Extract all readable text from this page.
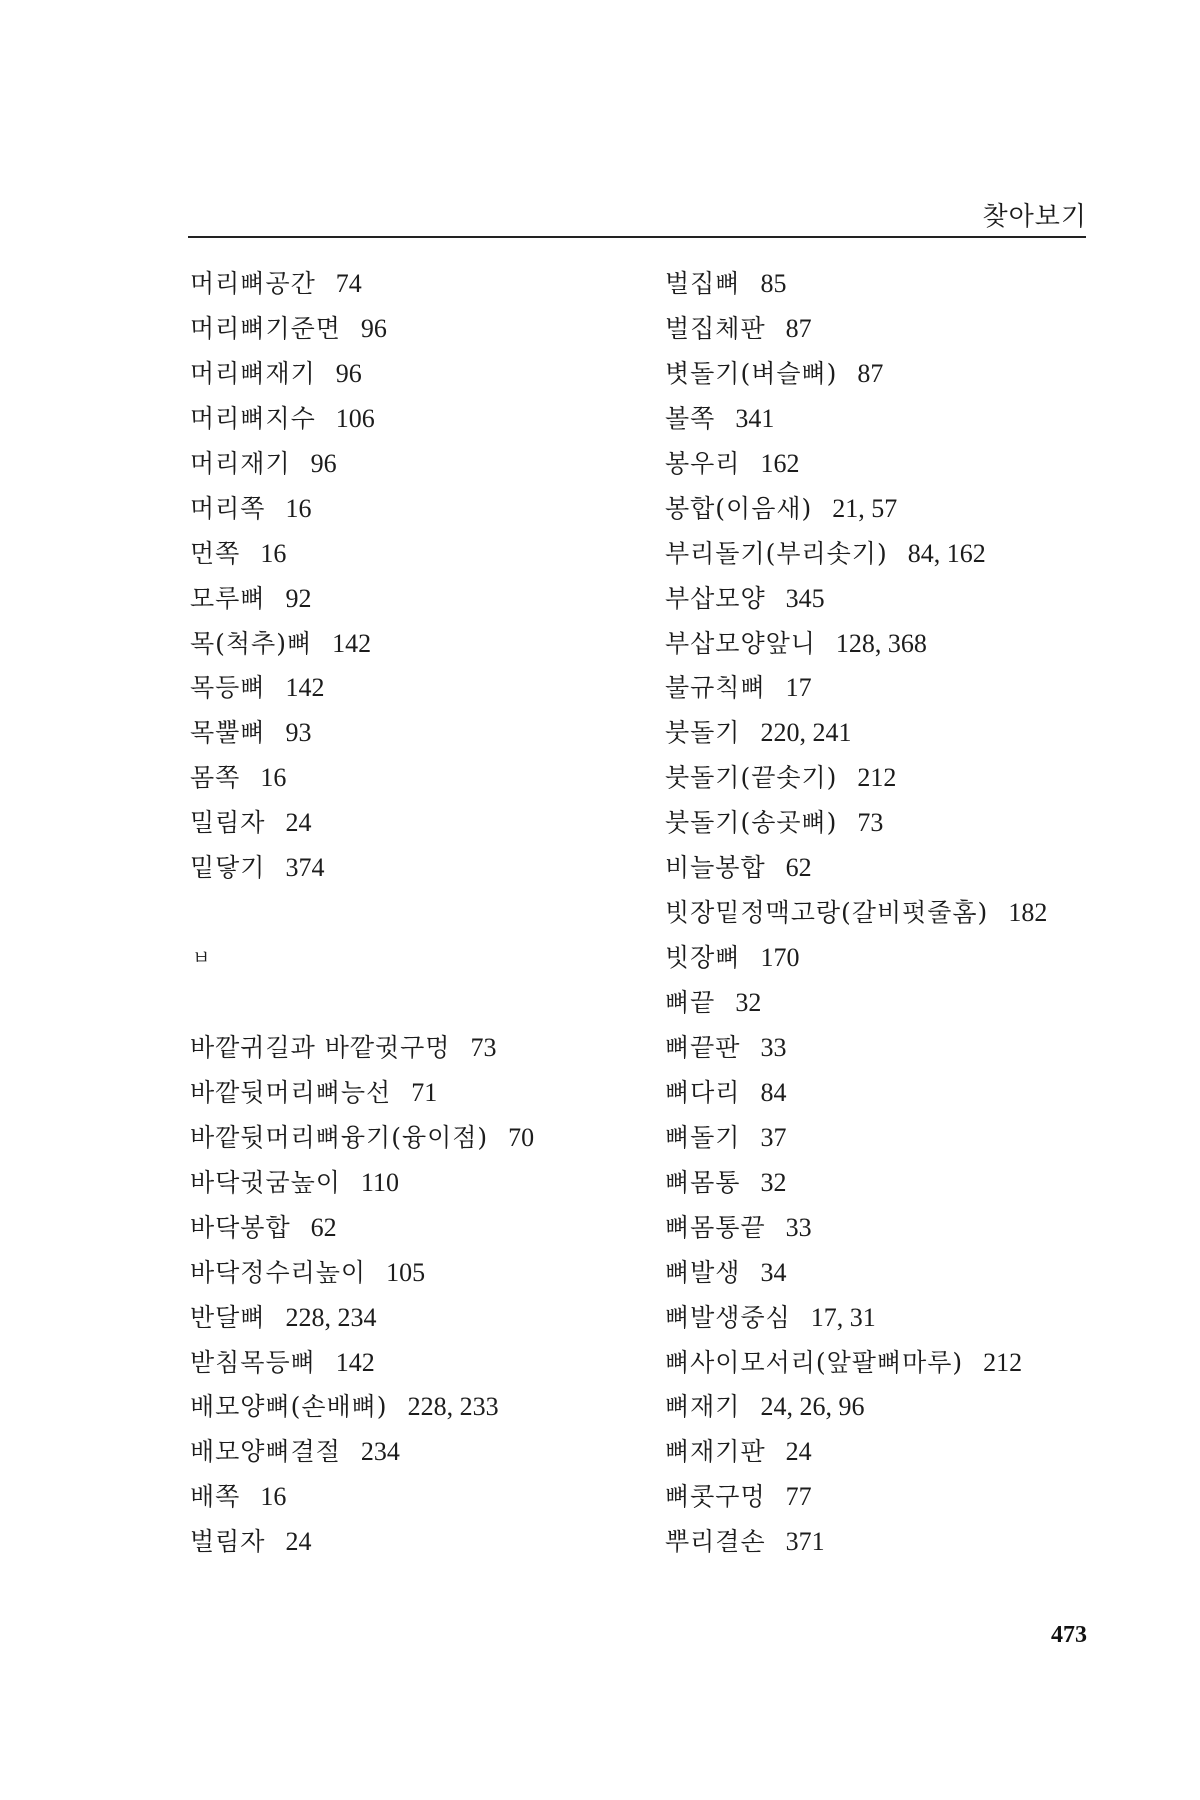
찾아보기
머리뼈공간 74
머리뼈기준면 96
머리뼈재기 96
머리뼈지수 106
머리재기 96
머리쪽 16
먼쪽 16
모루뼈 92
목(척추)뼈 142
목등뼈 142
목뿔뼈 93
몸쪽 16
밀림자 24
밑닿기 374
ㅂ
바깥귀길과 바깥귓구멍 73
바깥뒷머리뼈능선 71
바깥뒷머리뼈융기(융이점) 70
바닥귓굼높이 110
바닥봉합 62
바닥정수리높이 105
반달뼈 228, 234
받침목등뼈 142
배모양뼈(손배뼈) 228, 233
배모양뼈결절 234
배쪽 16
벌림자 24
벌집뼈 85
벌집체판 87
볏돌기(벼슬뼈) 87
볼쪽 341
봉우리 162
봉합(이음새) 21, 57
부리돌기(부리솟기) 84, 162
부삽모양 345
부삽모양앞니 128, 368
불규칙뼈 17
붓돌기 220, 241
붓돌기(끝솟기) 212
붓돌기(송곳뼈) 73
비늘봉합 62
빗장밑정맥고랑(갈비펏줄홈) 182
빗장뼈 170
뼈끝 32
뼈끝판 33
뼈다리 84
뼈돌기 37
뼈몸통 32
뼈몸통끝 33
뼈발생 34
뼈발생중심 17, 31
뼈사이모서리(앞팔뼈마루) 212
뼈재기 24, 26, 96
뼈재기판 24
뼈콧구멍 77
뿌리결손 371
473
